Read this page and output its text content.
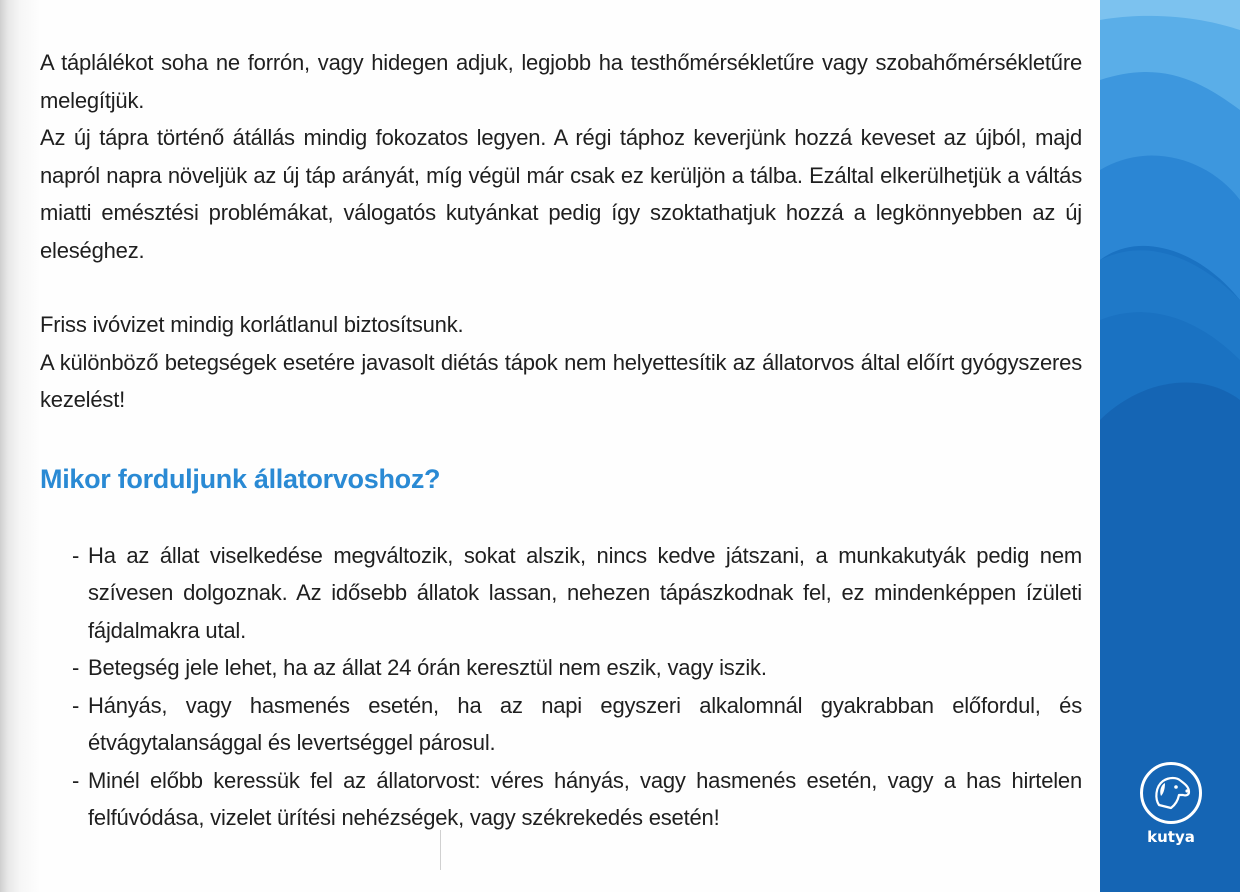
A táplálékot soha ne forrón, vagy hidegen adjuk, legjobb ha testhőmérsékletűre vagy szobahőmérsékletűre melegítjük.

Az új tápra történő átállás mindig fokozatos legyen. A régi táphoz keverjünk hozzá keveset az újból, majd napról napra növeljük az új táp arányát, míg végül már csak ez kerüljön a tálba. Ezáltal elkerülhetjük a váltás miatti emésztési problémákat, válogatós kutyánkat pedig így szoktathatjuk hozzá a legkönnyebben az új eleséghez.

Friss ivóvizet mindig korlátlanul biztosítsunk.

A különböző betegségek esetére javasolt diétás tápok nem helyettesítik az állatorvos által előírt gyógyszeres kezelést!

Mikor forduljunk állatorvoshoz?

- Ha az állat viselkedése megváltozik, sokat alszik, nincs kedve játszani, a munkakutyák pedig nem szívesen dolgoznak. Az idősebb állatok lassan, nehezen tápászkodnak fel, ez mindenképpen ízületi fájdalmakra utal.
- Betegség jele lehet, ha az állat 24 órán keresztül nem eszik, vagy iszik.
- Hányás, vagy hasmenés esetén, ha az napi egyszeri alkalomnál gyakrabban előfordul, és étvágytalansággal és levertséggel párosul.
- Minél előbb keressük fel az állatorvost: véres hányás, vagy hasmenés esetén, vagy a has hirtelen felfúvódása, vizelet ürítési nehézségek, vagy székrekedés esetén!
kutya
